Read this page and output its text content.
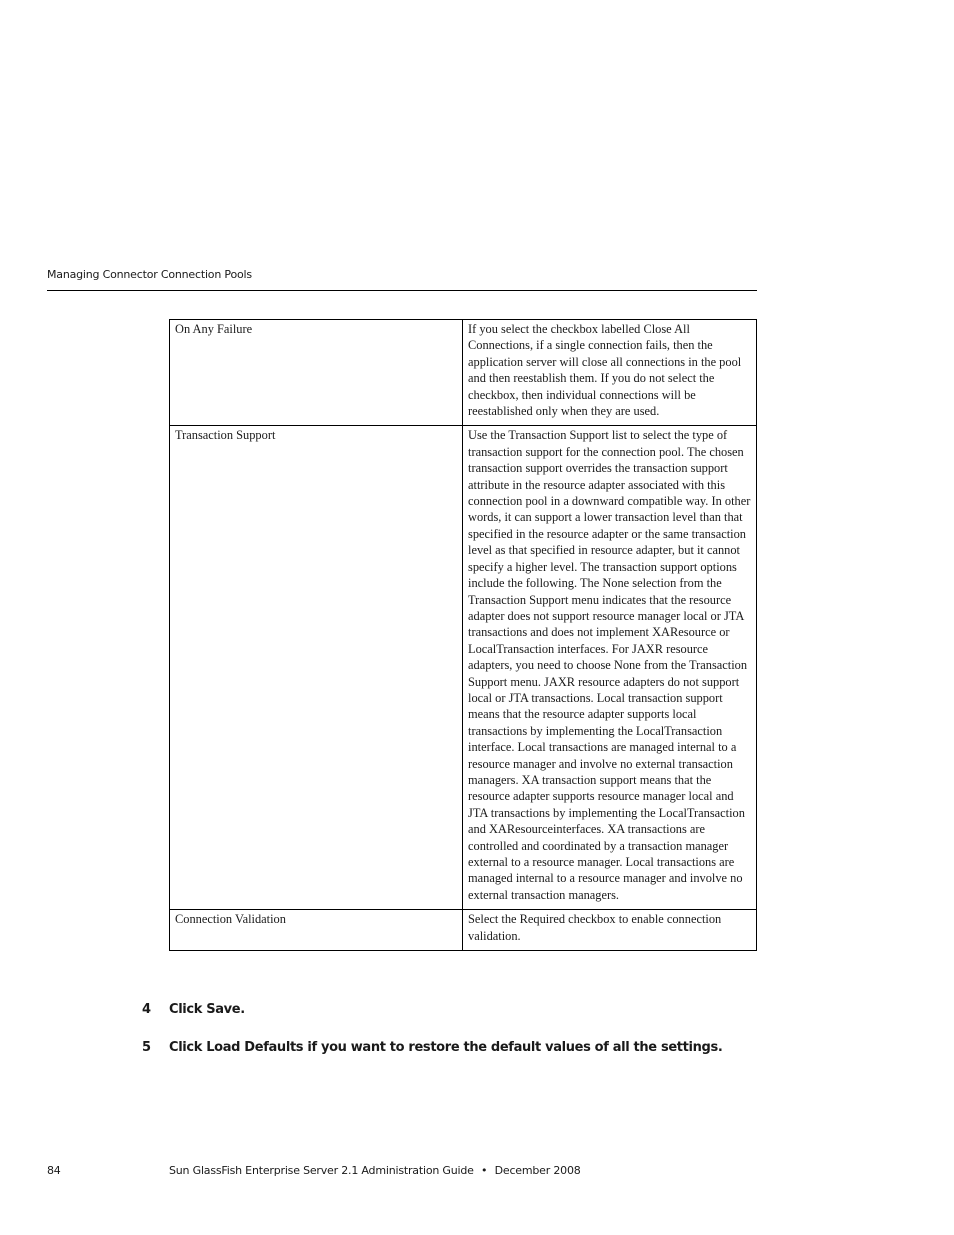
Managing Connector Connection Pools
On Any Failure	If you select the checkbox labelled Close All Connections, if a single connection fails, then the application server will close all connections in the pool and then reestablish them. If you do not select the checkbox, then individual connections will be reestablished only when they are used.
Transaction Support	Use the Transaction Support list to select the type of transaction support for the connection pool. The chosen transaction support overrides the transaction support attribute in the resource adapter associated with this connection pool in a downward compatible way. In other words, it can support a lower transaction level than that specified in the resource adapter or the same transaction level as that specified in resource adapter, but it cannot specify a higher level. The transaction support options include the following. The None selection from the Transaction Support menu indicates that the resource adapter does not support resource manager local or JTA transactions and does not implement XAResource or LocalTransaction interfaces. For JAXR resource adapters, you need to choose None from the Transaction Support menu. JAXR resource adapters do not support local or JTA transactions. Local transaction support means that the resource adapter supports local transactions by implementing the LocalTransaction interface. Local transactions are managed internal to a resource manager and involve no external transaction managers. XA transaction support means that the resource adapter supports resource manager local and JTA transactions by implementing the LocalTransaction and XAResourceinterfaces. XA transactions are controlled and coordinated by a transaction manager external to a resource manager. Local transactions are managed internal to a resource manager and involve no external transaction managers.
Connection Validation	Select the Required checkbox to enable connection validation.
4 Click Save.
5 Click Load Defaults if you want to restore the default values of all the settings.
84	Sun GlassFish Enterprise Server 2.1 Administration Guide • December 2008
